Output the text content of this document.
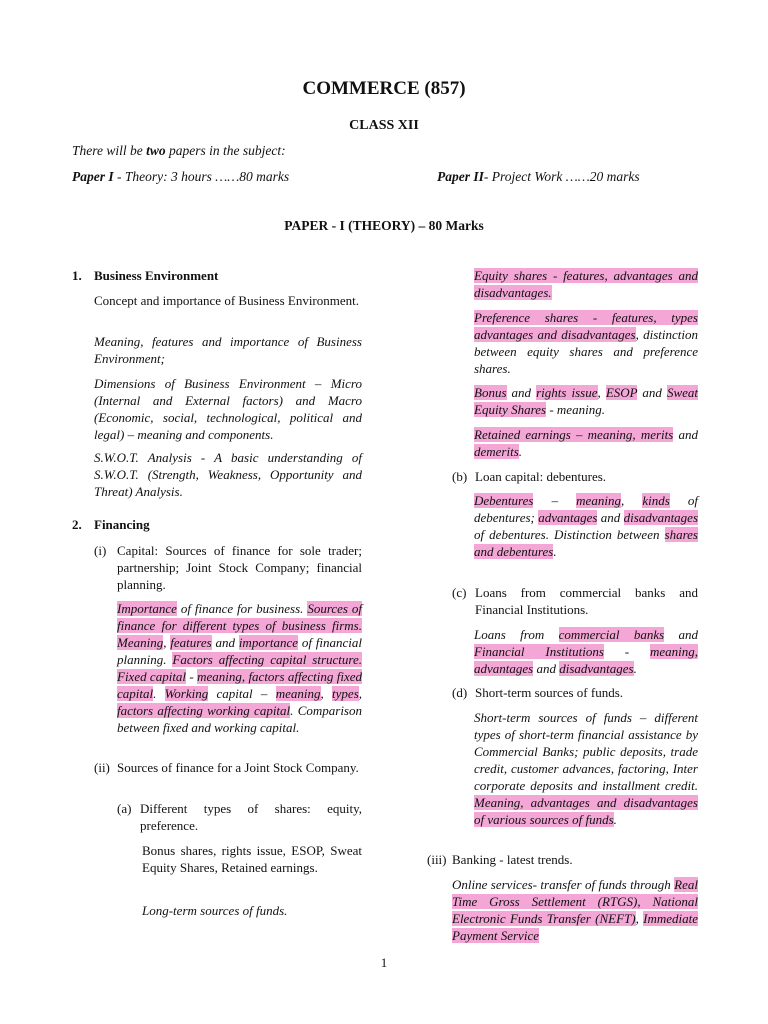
COMMERCE (857)
CLASS XII
There will be two papers in the subject:
Paper I - Theory: 3 hours ……80 marks	Paper II- Project Work ……20 marks
PAPER - I (THEORY) – 80 Marks
1. Business Environment

Concept and importance of Business Environment.

Meaning, features and importance of Business Environment;

Dimensions of Business Environment – Micro (Internal and External factors) and Macro (Economic, social, technological, political and legal) – meaning and components.

S.W.O.T. Analysis - A basic understanding of S.W.O.T. (Strength, Weakness, Opportunity and Threat) Analysis.

2. Financing
(i) Capital: Sources of finance for sole trader; partnership; Joint Stock Company; financial planning.

Importance of finance for business. Sources of finance for different types of business firms. Meaning, features and importance of financial planning. Factors affecting capital structure. Fixed capital - meaning, factors affecting fixed capital. Working capital – meaning, types, factors affecting working capital. Comparison between fixed and working capital.

(ii) Sources of finance for a Joint Stock Company.
(a) Different types of shares: equity, preference.

Bonus shares, rights issue, ESOP, Sweat Equity Shares, Retained earnings.

Long-term sources of funds.

Equity shares - features, advantages and disadvantages.

Preference shares - features, types advantages and disadvantages, distinction between equity shares and preference shares.

Bonus and rights issue, ESOP and Sweat Equity Shares - meaning.

Retained earnings – meaning, merits and demerits.

(b) Loan capital: debentures.

Debentures – meaning, kinds of debentures; advantages and disadvantages of debentures. Distinction between shares and debentures.

(c) Loans from commercial banks and Financial Institutions.

Loans from commercial banks and Financial Institutions - meaning, advantages and disadvantages.

(d) Short-term sources of funds.

Short-term sources of funds – different types of short-term financial assistance by Commercial Banks; public deposits, trade credit, customer advances, factoring, Inter corporate deposits and installment credit. Meaning, advantages and disadvantages of various sources of funds.

(iii) Banking - latest trends.

Online services- transfer of funds through Real Time Gross Settlement (RTGS), National Electronic Funds Transfer (NEFT), Immediate Payment Service

1
